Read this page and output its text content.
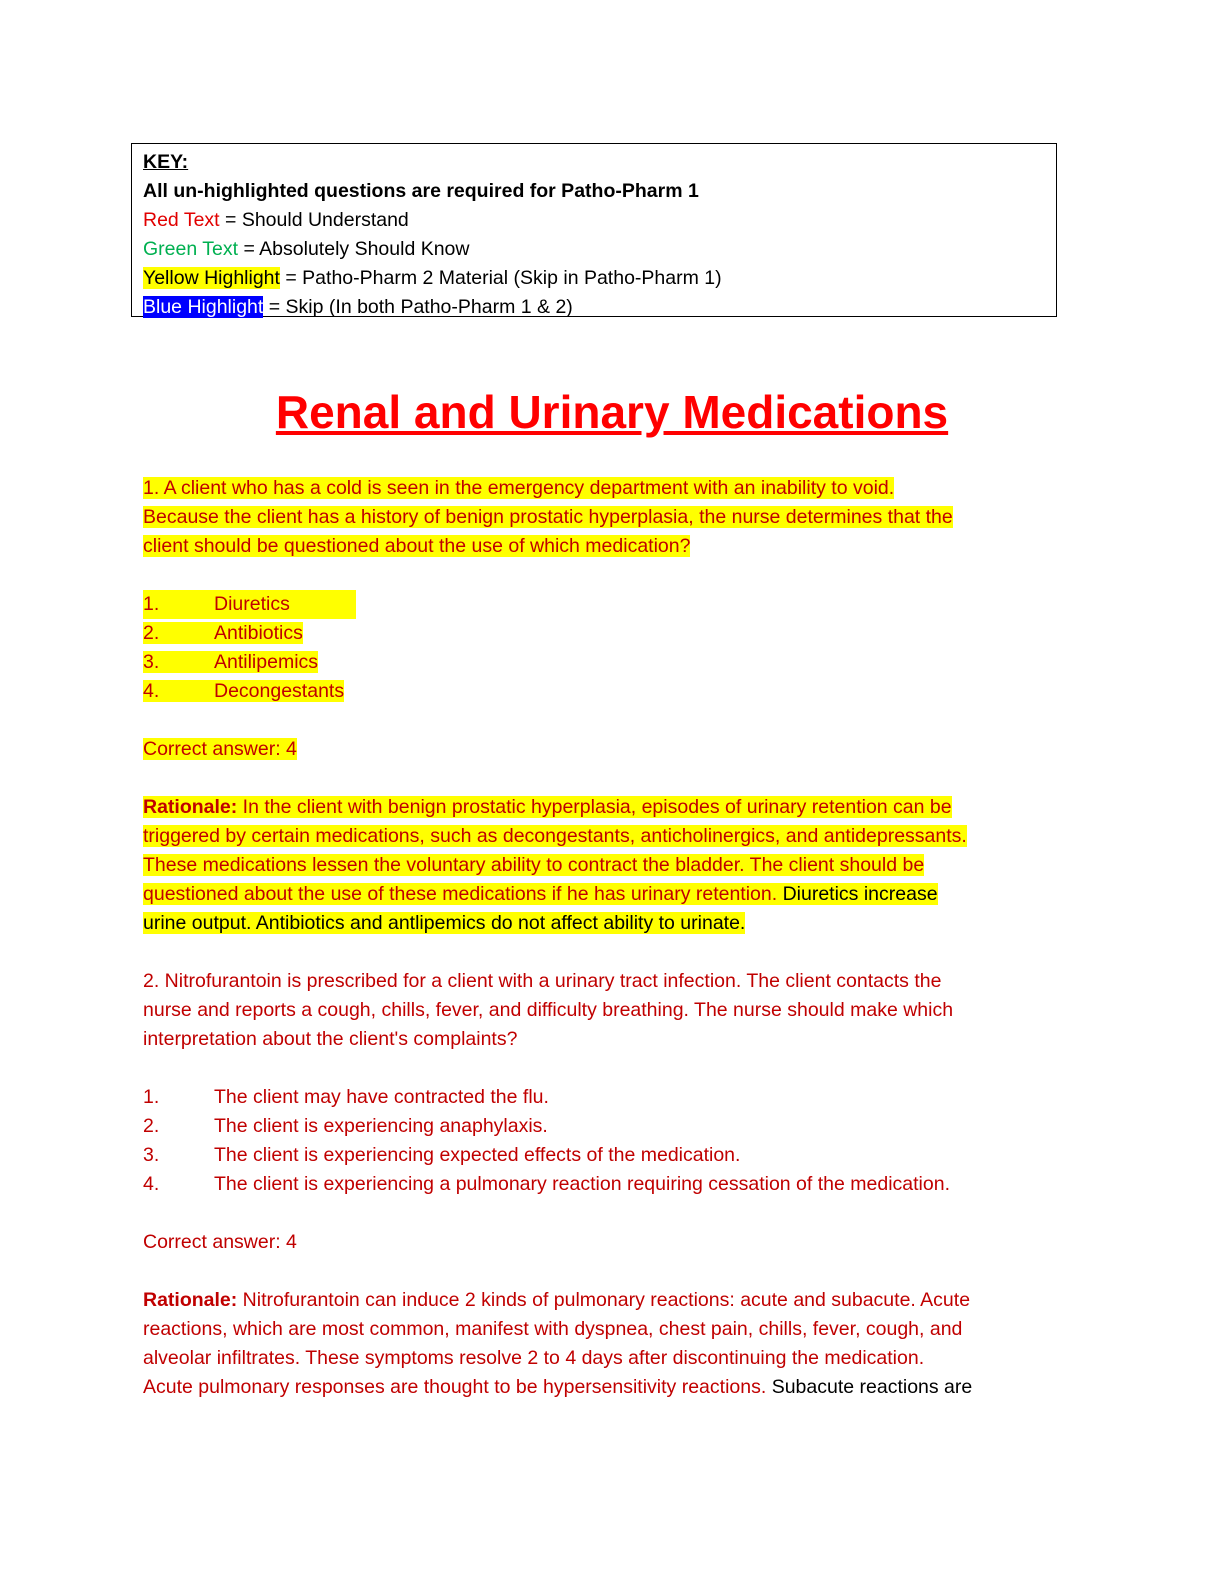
KEY:
All un-highlighted questions are required for Patho-Pharm 1
Red Text = Should Understand
Green Text = Absolutely Should Know
Yellow Highlight = Patho-Pharm 2 Material (Skip in Patho-Pharm 1)
Blue Highlight = Skip (In both Patho-Pharm 1 & 2)
Renal and Urinary Medications
1. A client who has a cold is seen in the emergency department with an inability to void.
Because the client has a history of benign prostatic hyperplasia, the nurse determines that the
client should be questioned about the use of which medication?
1.	Diuretics
2.	Antibiotics
3.	Antilipemics
4.	Decongestants
Correct answer: 4
Rationale: In the client with benign prostatic hyperplasia, episodes of urinary retention can be
triggered by certain medications, such as decongestants, anticholinergics, and antidepressants.
These medications lessen the voluntary ability to contract the bladder. The client should be
questioned about the use of these medications if he has urinary retention. Diuretics increase
urine output. Antibiotics and antlipemics do not affect ability to urinate.
2. Nitrofurantoin is prescribed for a client with a urinary tract infection. The client contacts the
nurse and reports a cough, chills, fever, and difficulty breathing. The nurse should make which
interpretation about the client's complaints?
1.	The client may have contracted the flu.
2.	The client is experiencing anaphylaxis.
3.	The client is experiencing expected effects of the medication.
4.	The client is experiencing a pulmonary reaction requiring cessation of the medication.
Correct answer: 4
Rationale: Nitrofurantoin can induce 2 kinds of pulmonary reactions: acute and subacute. Acute
reactions, which are most common, manifest with dyspnea, chest pain, chills, fever, cough, and
alveolar infiltrates. These symptoms resolve 2 to 4 days after discontinuing the medication.
Acute pulmonary responses are thought to be hypersensitivity reactions. Subacute reactions are
